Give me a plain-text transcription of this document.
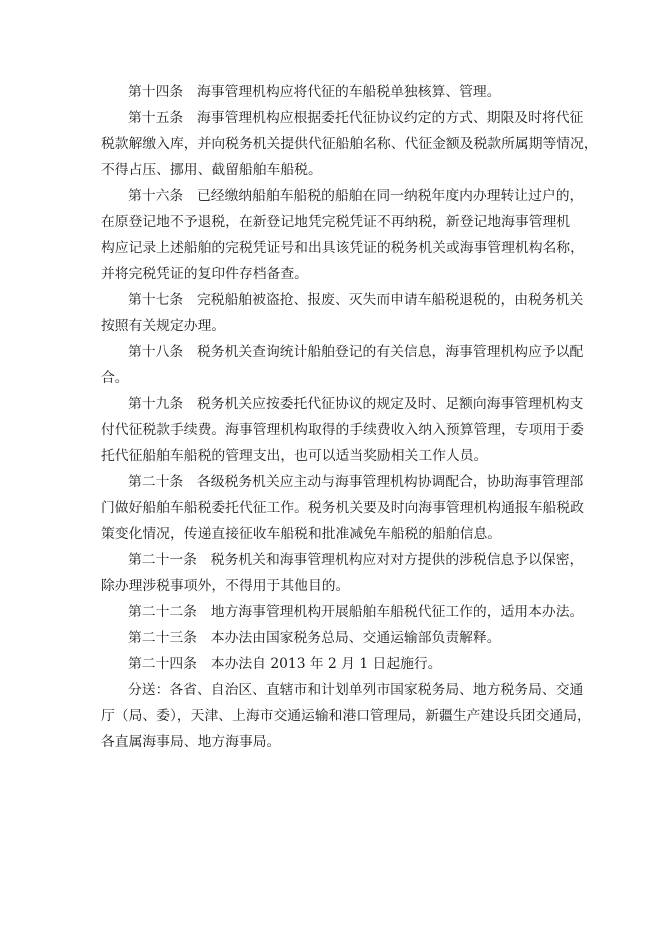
第十四条　海事管理机构应将代征的车船税单独核算、管理。
第十五条　海事管理机构应根据委托代征协议约定的方式、期限及时将代征
税款解缴入库，并向税务机关提供代征船舶名称、代征金额及税款所属期等情况，
不得占压、挪用、截留船舶车船税。
第十六条　已经缴纳船舶车船税的船舶在同一纳税年度内办理转让过户的，
在原登记地不予退税，在新登记地凭完税凭证不再纳税，新登记地海事管理机
构应记录上述船舶的完税凭证号和出具该凭证的税务机关或海事管理机构名称，
并将完税凭证的复印件存档备查。
第十七条　完税船舶被盗抢、报废、灭失而申请车船税退税的，由税务机关
按照有关规定办理。
第十八条　税务机关查询统计船舶登记的有关信息，海事管理机构应予以配
合。
第十九条　税务机关应按委托代征协议的规定及时、足额向海事管理机构支
付代征税款手续费。海事管理机构取得的手续费收入纳入预算管理，专项用于委
托代征船舶车船税的管理支出，也可以适当奖励相关工作人员。
第二十条　各级税务机关应主动与海事管理机构协调配合，协助海事管理部
门做好船舶车船税委托代征工作。税务机关要及时向海事管理机构通报车船税政
策变化情况，传递直接征收车船税和批准减免车船税的船舶信息。
第二十一条　税务机关和海事管理机构应对对方提供的涉税信息予以保密，
除办理涉税事项外，不得用于其他目的。
第二十二条　地方海事管理机构开展船舶车船税代征工作的，适用本办法。
第二十三条　本办法由国家税务总局、交通运输部负责解释。
第二十四条　本办法自 2013 年 2 月 1 日起施行。
分送：各省、自治区、直辖市和计划单列市国家税务局、地方税务局、交通
厅（局、委），天津、上海市交通运输和港口管理局，新疆生产建设兵团交通局，
各直属海事局、地方海事局。
